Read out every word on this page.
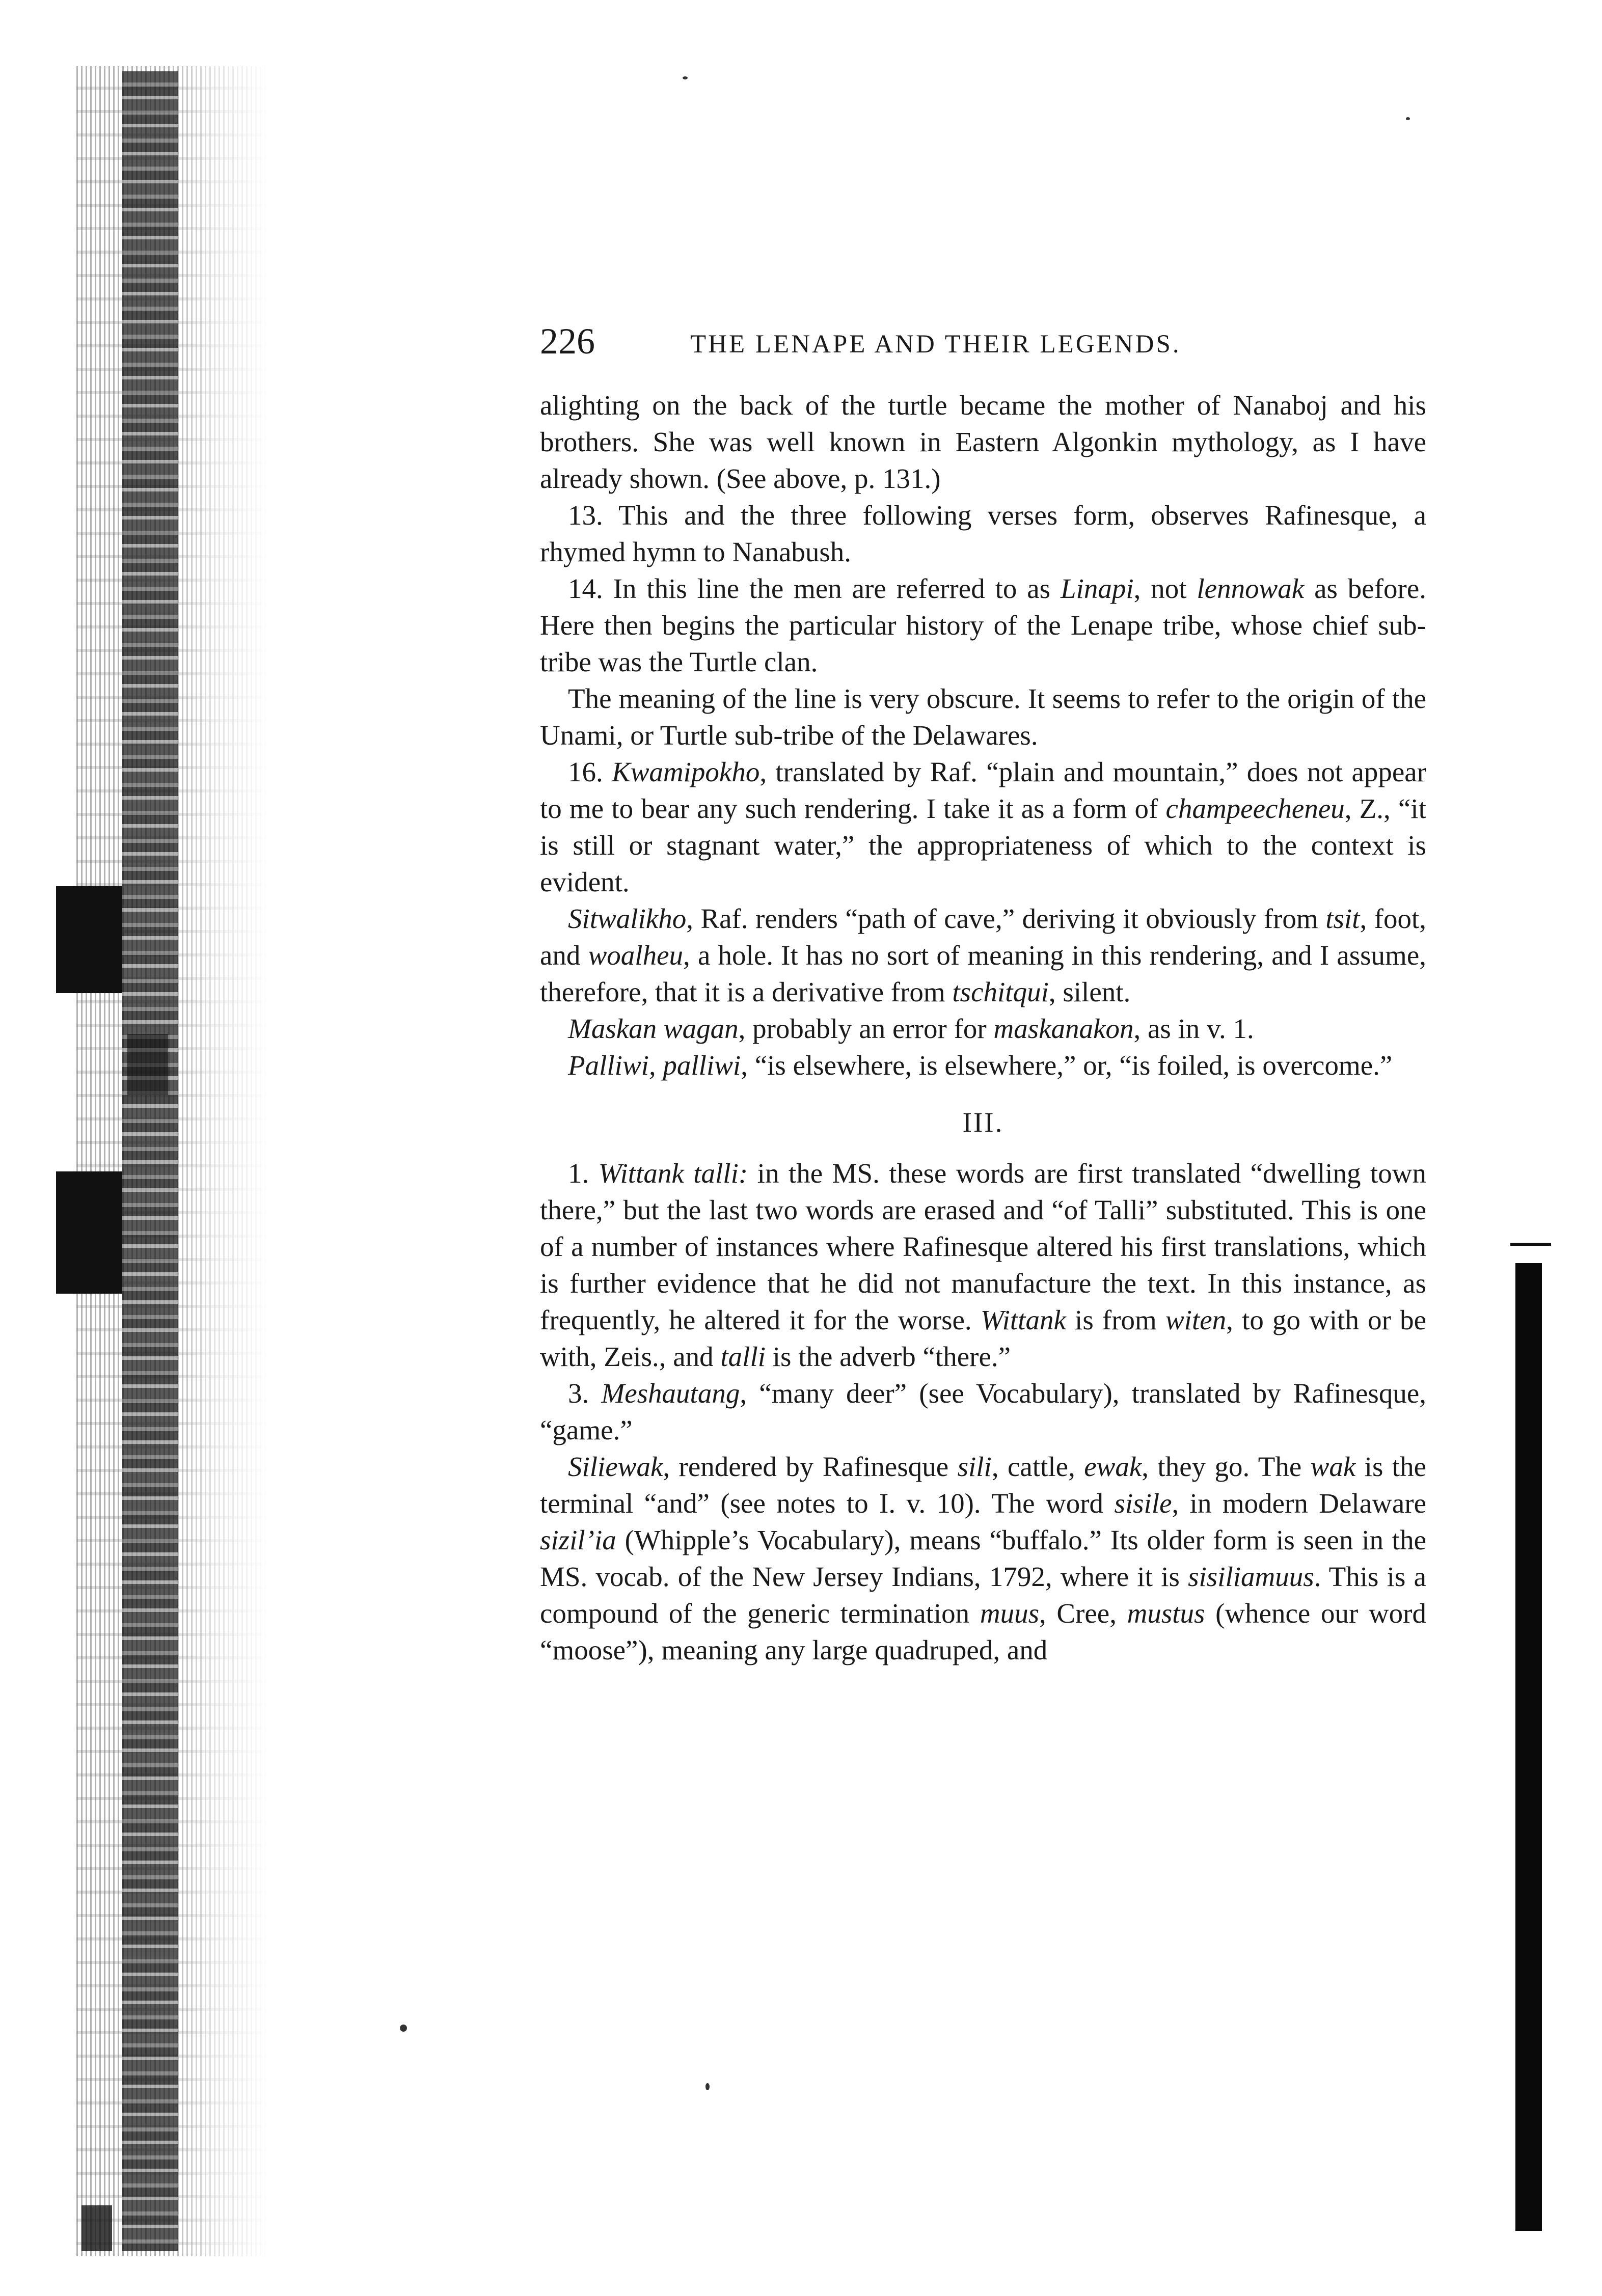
226	THE LENAPE AND THEIR LEGENDS.

alighting on the back of the turtle became the mother of Nanaboj and his brothers. She was well known in Eastern Algonkin mythology, as I have already shown. (See above, p. 131.)

13. This and the three following verses form, observes Rafinesque, a rhymed hymn to Nanabush.

14. In this line the men are referred to as Linapi, not lennowak as before. Here then begins the particular history of the Lenape tribe, whose chief sub-tribe was the Turtle clan.

The meaning of the line is very obscure. It seems to refer to the origin of the Unami, or Turtle sub-tribe of the Delawares.

16. Kwamipokho, translated by Raf. “plain and mountain,” does not appear to me to bear any such rendering. I take it as a form of champeecheneu, Z., “it is still or stagnant water,” the appropriateness of which to the context is evident.

Sitwalikho, Raf. renders “path of cave,” deriving it obviously from tsit, foot, and woalheu, a hole. It has no sort of meaning in this rendering, and I assume, therefore, that it is a derivative from tschitqui, silent.

Maskan wagan, probably an error for maskanakon, as in v. 1.

Palliwi, palliwi, “is elsewhere, is elsewhere,” or, “is foiled, is overcome.”

III.

1. Wittank talli: in the MS. these words are first translated “dwelling town there,” but the last two words are erased and “of Talli” substituted. This is one of a number of instances where Rafinesque altered his first translations, which is further evidence that he did not manufacture the text. In this instance, as frequently, he altered it for the worse. Wittank is from witen, to go with or be with, Zeis., and talli is the adverb “there.”

3. Meshautang, “many deer” (see Vocabulary), translated by Rafinesque, “game.”

Siliewak, rendered by Rafinesque sili, cattle, ewak, they go. The wak is the terminal “and” (see notes to I. v. 10). The word sisile, in modern Delaware sizil’ia (Whipple’s Vocabulary), means “buffalo.” Its older form is seen in the MS. vocab. of the New Jersey Indians, 1792, where it is sisiliamuus. This is a compound of the generic termination muus, Cree, mustus (whence our word “moose”), meaning any large quadruped, and
